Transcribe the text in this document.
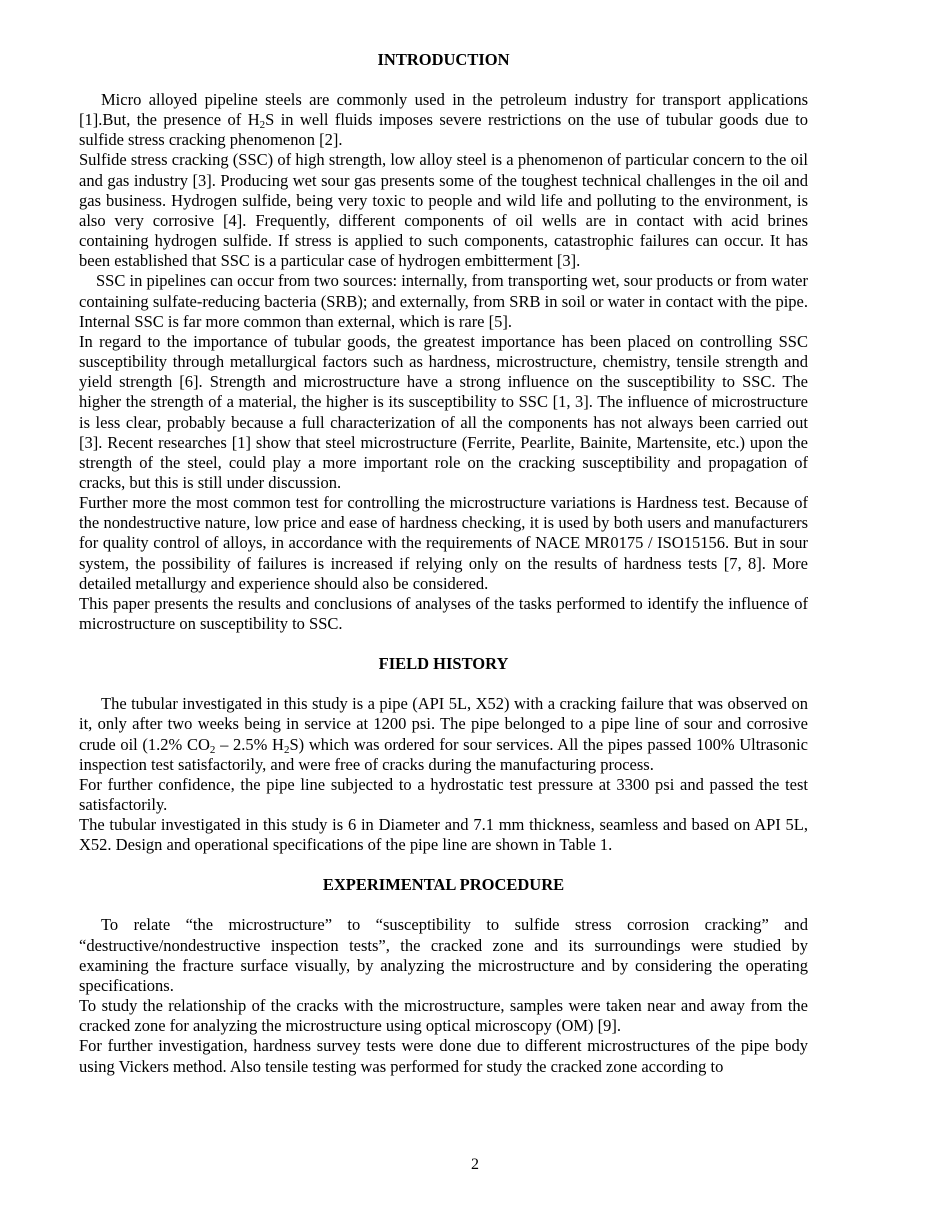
INTRODUCTION

Micro alloyed pipeline steels are commonly used in the petroleum industry for transport applications [1].But, the presence of $H_2S$ in well fluids imposes severe restrictions on the use of tubular goods due to sulfide stress cracking phenomenon [2].

Sulfide stress cracking (SSC) of high strength, low alloy steel is a phenomenon of particular concern to the oil and gas industry [3]. Producing wet sour gas presents some of the toughest technical challenges in the oil and gas business. Hydrogen sulfide, being very toxic to people and wild life and polluting to the environment, is also very corrosive [4]. Frequently, different components of oil wells are in contact with acid brines containing hydrogen sulfide. If stress is applied to such components, catastrophic failures can occur. It has been established that SSC is a particular case of hydrogen embitterment [3].

SSC in pipelines can occur from two sources: internally, from transporting wet, sour products or from water containing sulfate-reducing bacteria (SRB); and externally, from SRB in soil or water in contact with the pipe. Internal SSC is far more common than external, which is rare [5].

In regard to the importance of tubular goods, the greatest importance has been placed on controlling SSC susceptibility through metallurgical factors such as hardness, microstructure, chemistry, tensile strength and yield strength [6]. Strength and microstructure have a strong influence on the susceptibility to SSC. The higher the strength of a material, the higher is its susceptibility to SSC [1, 3]. The influence of microstructure is less clear, probably because a full characterization of all the components has not always been carried out [3]. Recent researches [1] show that steel microstructure (Ferrite, Pearlite, Bainite, Martensite, etc.) upon the strength of the steel, could play a more important role on the cracking susceptibility and propagation of cracks, but this is still under discussion.

Further more the most common test for controlling the microstructure variations is Hardness test. Because of the nondestructive nature, low price and ease of hardness checking, it is used by both users and manufacturers for quality control of alloys, in accordance with the requirements of NACE MR0175 / ISO15156. But in sour system, the possibility of failures is increased if relying only on the results of hardness tests [7, 8]. More detailed metallurgy and experience should also be considered.

This paper presents the results and conclusions of analyses of the tasks performed to identify the influence of microstructure on susceptibility to SSC.

FIELD HISTORY

The tubular investigated in this study is a pipe (API 5L, X52) with a cracking failure that was observed on it, only after two weeks being in service at 1200 psi. The pipe belonged to a pipe line of sour and corrosive crude oil (1.2% $CO_2 - 2.5\%$ $H_2S$) which was ordered for sour services. All the pipes passed 100% Ultrasonic inspection test satisfactorily, and were free of cracks during the manufacturing process.

For further confidence, the pipe line subjected to a hydrostatic test pressure at 3300 psi and passed the test satisfactorily.

The tubular investigated in this study is 6 in Diameter and 7.1 mm thickness, seamless and based on API 5L, X52. Design and operational specifications of the pipe line are shown in Table 1.

EXPERIMENTAL PROCEDURE

To relate “the microstructure” to “susceptibility to sulfide stress corrosion cracking” and “destructive/nondestructive inspection tests”, the cracked zone and its surroundings were studied by examining the fracture surface visually, by analyzing the microstructure and by considering the operating specifications.

To study the relationship of the cracks with the microstructure, samples were taken near and away from the cracked zone for analyzing the microstructure using optical microscopy (OM) [9].

For further investigation, hardness survey tests were done due to different microstructures of the pipe body using Vickers method. Also tensile testing was performed for study the cracked zone according to

2
